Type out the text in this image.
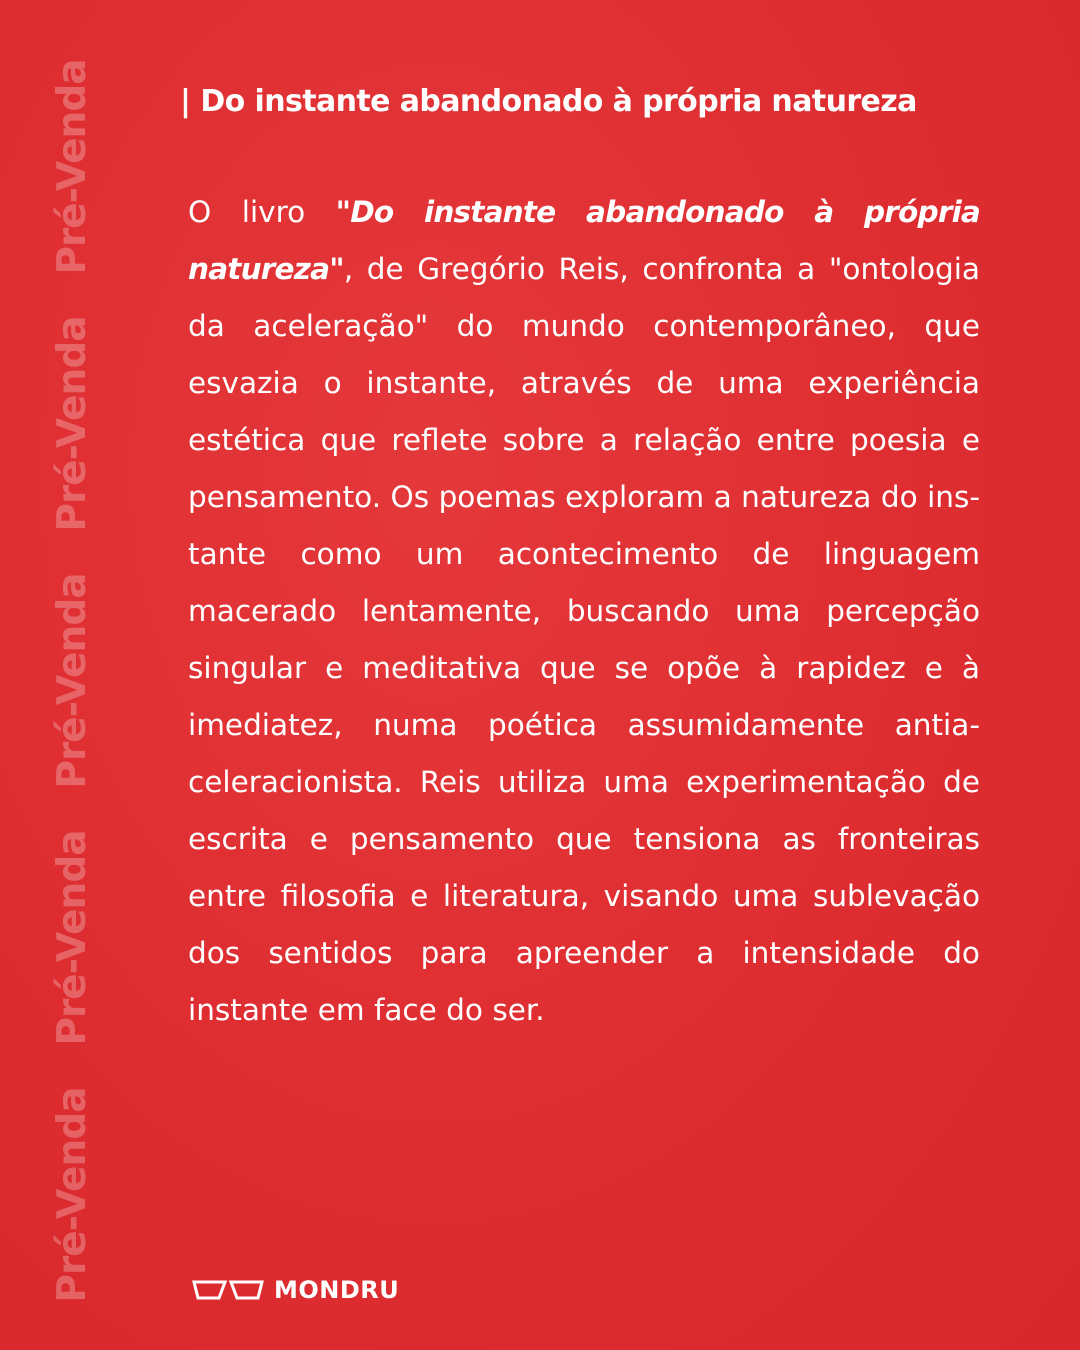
Pré-Venda
Pré-Venda
Pré-Venda
Pré-Venda
Pré-Venda	| Do instante abandonado à própria natureza

O livro "Do instante abandonado à própria natureza", de Gregório Reis, confronta a "ontologia da aceleração" do mundo contemporâneo, que esvazia o instante, através de uma experiência estética que reflete sobre a relação entre poesia e pensamento. Os poemas exploram a natureza do instante como um acontecimento de linguagem macerado lentamente, buscando uma percepção singular e meditativa que se opõe à rapidez e à imediatez, numa poética assumidamente antiaceleracionista. Reis utiliza uma experimentação de escrita e pensamento que tensiona as fronteiras entre filosofia e literatura, visando uma sublevação dos sentidos para apreender a intensidade do instante em face do ser.

MONDRU
